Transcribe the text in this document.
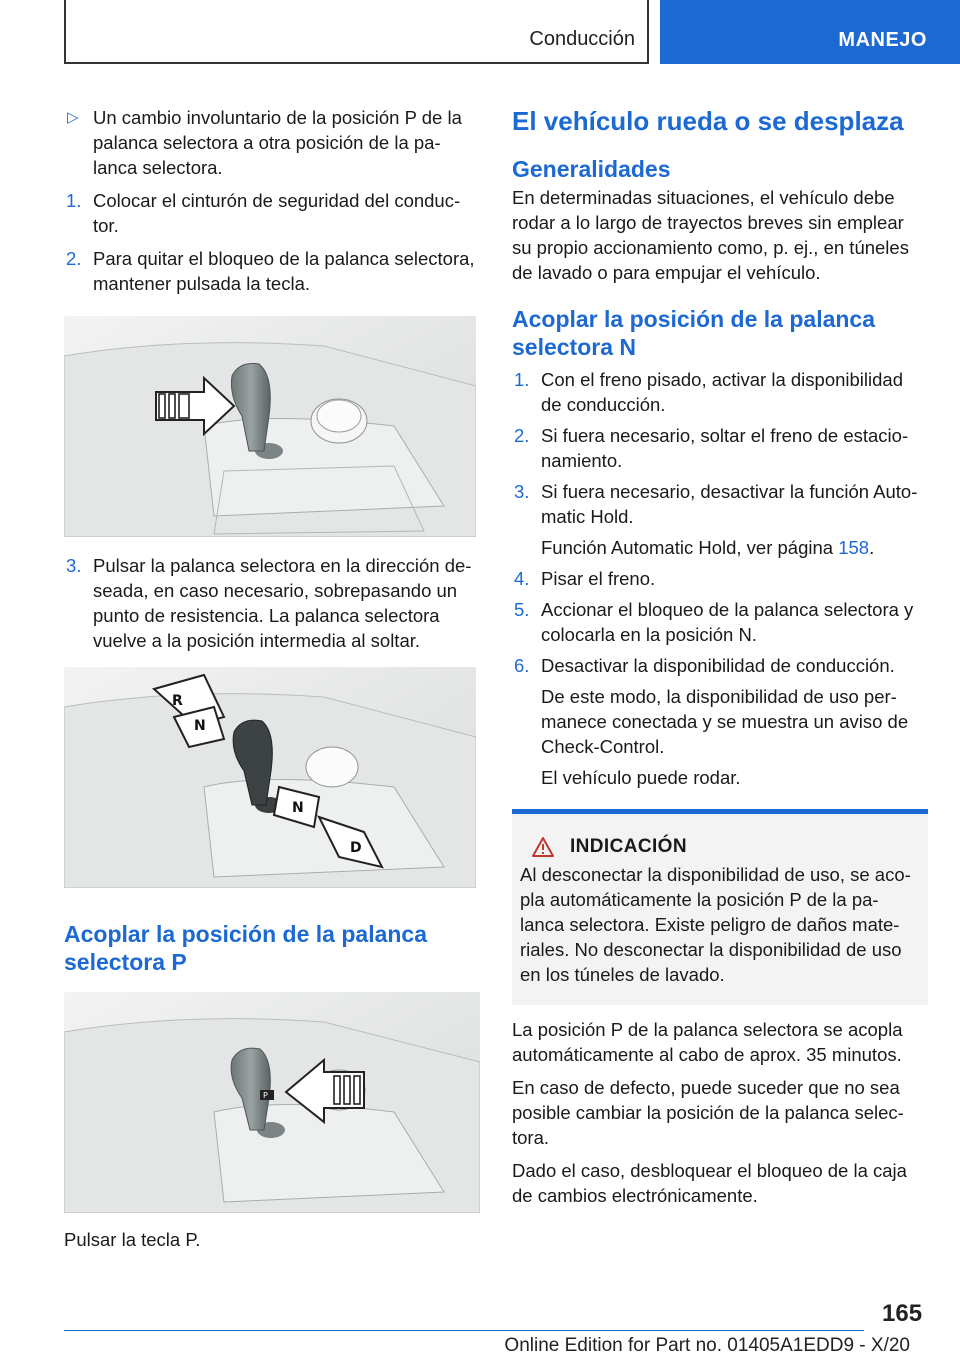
Conducción	MANEJO
▷ Un cambio involuntario de la posición P de la palanca selectora a otra posición de la pa-lanca selectora.
1. Colocar el cinturón de seguridad del conduc-tor.
2. Para quitar el bloqueo de la palanca selectora, mantener pulsada la tecla.
3. Pulsar la palanca selectora en la dirección de-seada, en caso necesario, sobrepasando un punto de resistencia. La palanca selectora vuelve a la posición intermedia al soltar.
R
N
N
D
Acoplar la posición de la palanca selectora P
P
Pulsar la tecla P.
El vehículo rueda o se desplaza
Generalidades
En determinadas situaciones, el vehículo debe rodar a lo largo de trayectos breves sin emplear su propio accionamiento como, p. ej., en túneles de lavado o para empujar el vehículo.
Acoplar la posición de la palanca selectora N
1. Con el freno pisado, activar la disponibilidad de conducción.
2. Si fuera necesario, soltar el freno de estacio-namiento.
3. Si fuera necesario, desactivar la función Auto-matic Hold.
Función Automatic Hold, ver página 158.
4. Pisar el freno.
5. Accionar el bloqueo de la palanca selectora y colocarla en la posición N.
6. Desactivar la disponibilidad de conducción.
De este modo, la disponibilidad de uso per-manece conectada y se muestra un aviso de Check-Control.
El vehículo puede rodar.
INDICACIÓN
Al desconectar la disponibilidad de uso, se aco-pla automáticamente la posición P de la pa-lanca selectora. Existe peligro de daños mate-riales. No desconectar la disponibilidad de uso en los túneles de lavado.
La posición P de la palanca selectora se acopla automáticamente al cabo de aprox. 35 minutos.
En caso de defecto, puede suceder que no sea posible cambiar la posición de la palanca selec-tora.
Dado el caso, desbloquear el bloqueo de la caja de cambios electrónicamente.
165
Online Edition for Part no. 01405A1EDD9 - X/20
